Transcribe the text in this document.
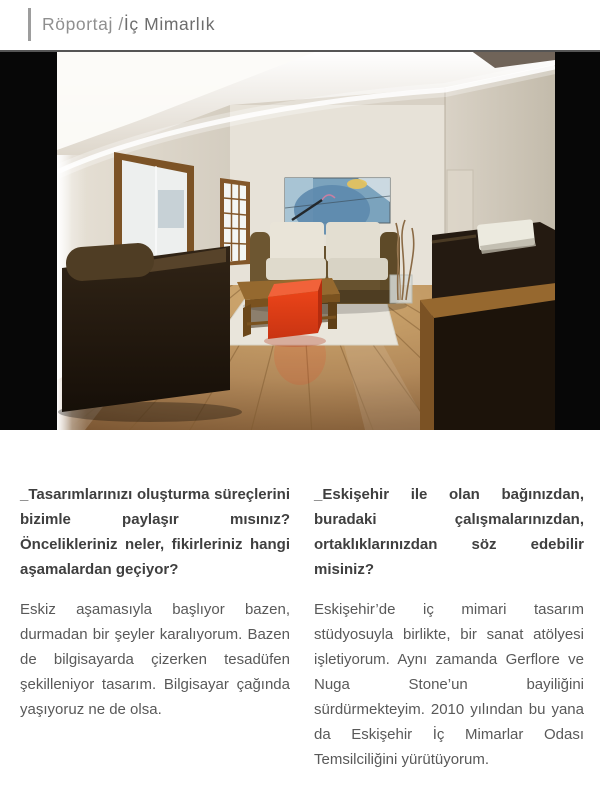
Röportaj /İç Mimarlık

_Tasarımlarınızı oluşturma süreçlerini bizimle paylaşır mısınız? Öncelikleriniz neler, fikirleriniz hangi aşamalardan geçiyor?

Eskiz aşamasıyla başlıyor bazen, durmadan bir şeyler karalıyorum. Bazen de bilgisayarda çizerken tesadüfen şekilleniyor tasarım. Bilgisayar çağında yaşıyoruz ne de olsa.

_Eskişehir ile olan bağınızdan, buradaki çalışmalarınızdan, ortaklıklarınızdan söz edebilir misiniz?

Eskişehir’de iç mimari tasarım stüdyosuyla birlikte, bir sanat atölyesi işletiyorum. Aynı zamanda Gerflore ve Nuga Stone’un bayiliğini sürdürmekteyim. 2010 yılından bu yana da Eskişehir İç Mimarlar Odası Temsilciliğini yürütüyorum.
